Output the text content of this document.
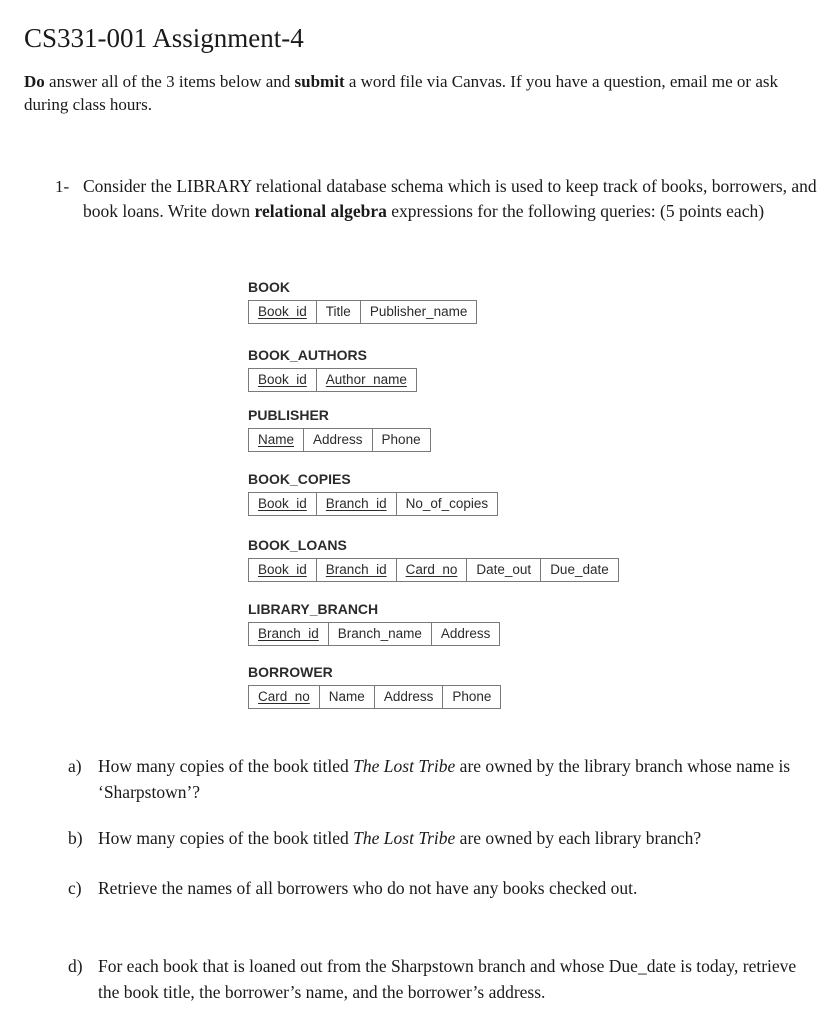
CS331-001 Assignment-4
Do answer all of the 3 items below and submit a word file via Canvas. If you have a question, email me or ask during class hours.
1- Consider the LIBRARY relational database schema which is used to keep track of books, borrowers, and book loans. Write down relational algebra expressions for the following queries: (5 points each)
BOOK
Book_id	Title	Publisher_name
BOOK_AUTHORS
Book_id	Author_name
PUBLISHER
Name	Address	Phone
BOOK_COPIES
Book_id	Branch_id	No_of_copies
BOOK_LOANS
Book_id	Branch_id	Card_no	Date_out	Due_date
LIBRARY_BRANCH
Branch_id	Branch_name	Address
BORROWER
Card_no	Name	Address	Phone
a) How many copies of the book titled The Lost Tribe are owned by the library branch whose name is ‘Sharpstown’?
b) How many copies of the book titled The Lost Tribe are owned by each library branch?
c) Retrieve the names of all borrowers who do not have any books checked out.
d) For each book that is loaned out from the Sharpstown branch and whose Due_date is today, retrieve the book title, the borrower’s name, and the borrower’s address.
